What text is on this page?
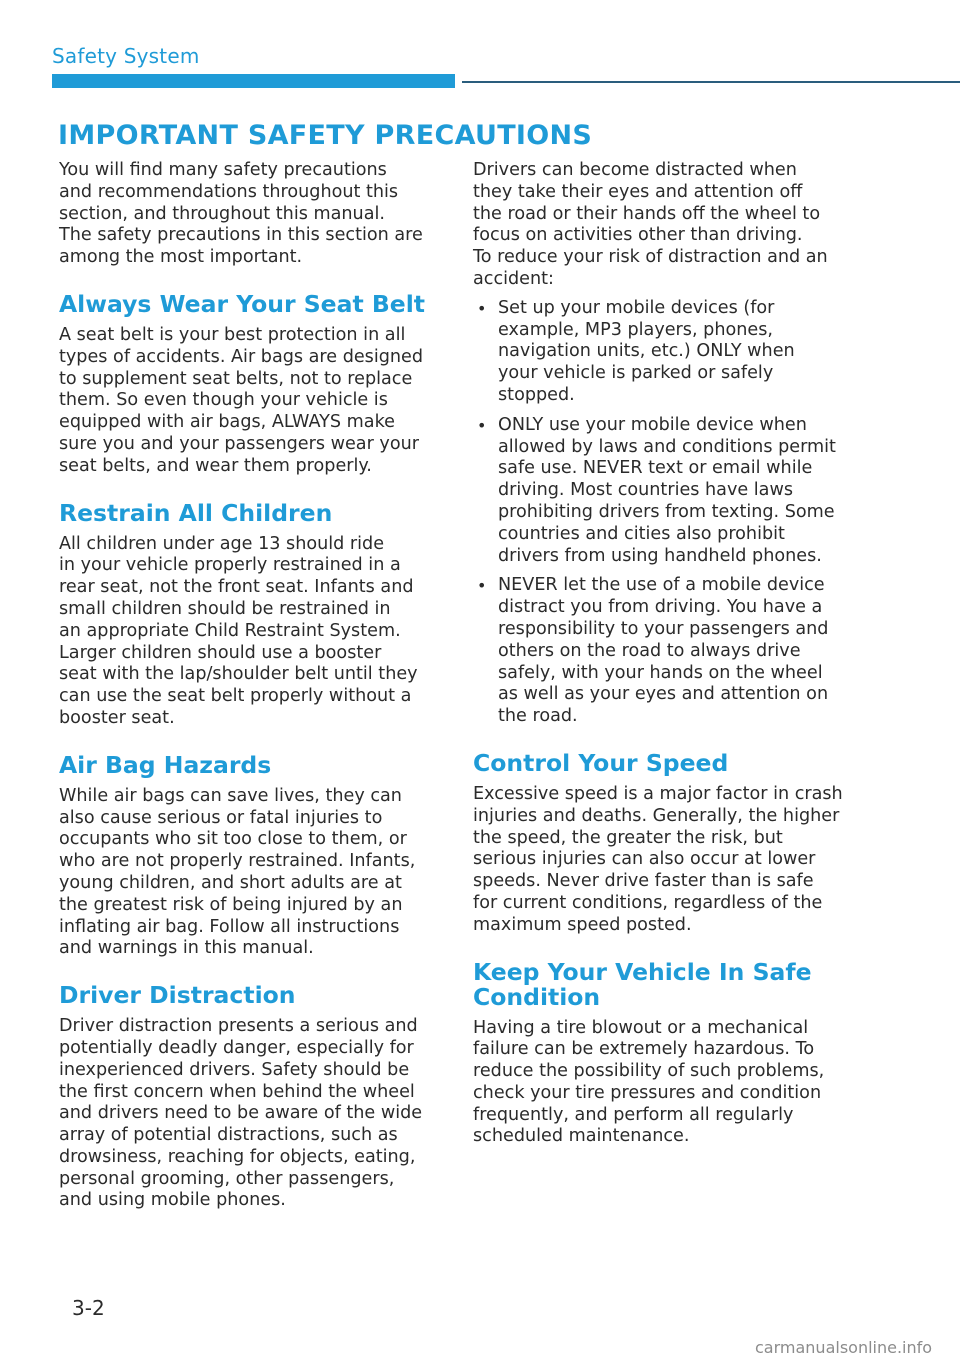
Safety System
IMPORTANT SAFETY PRECAUTIONS

You will find many safety precautions
and recommendations throughout this
section, and throughout this manual.
The safety precautions in this section are
among the most important.

Always Wear Your Seat Belt

A seat belt is your best protection in all
types of accidents. Air bags are designed
to supplement seat belts, not to replace
them. So even though your vehicle is
equipped with air bags, ALWAYS make
sure you and your passengers wear your
seat belts, and wear them properly.

Restrain All Children

All children under age 13 should ride
in your vehicle properly restrained in a
rear seat, not the front seat. Infants and
small children should be restrained in
an appropriate Child Restraint System.
Larger children should use a booster
seat with the lap/shoulder belt until they
can use the seat belt properly without a
booster seat.

Air Bag Hazards

While air bags can save lives, they can
also cause serious or fatal injuries to
occupants who sit too close to them, or
who are not properly restrained. Infants,
young children, and short adults are at
the greatest risk of being injured by an
inflating air bag. Follow all instructions
and warnings in this manual.

Driver Distraction

Driver distraction presents a serious and
potentially deadly danger, especially for
inexperienced drivers. Safety should be
the first concern when behind the wheel
and drivers need to be aware of the wide
array of potential distractions, such as
drowsiness, reaching for objects, eating,
personal grooming, other passengers,
and using mobile phones.

Drivers can become distracted when
they take their eyes and attention off
the road or their hands off the wheel to
focus on activities other than driving.
To reduce your risk of distraction and an
accident:

• Set up your mobile devices (for
example, MP3 players, phones,
navigation units, etc.) ONLY when
your vehicle is parked or safely
stopped.
• ONLY use your mobile device when
allowed by laws and conditions permit
safe use. NEVER text or email while
driving. Most countries have laws
prohibiting drivers from texting. Some
countries and cities also prohibit
drivers from using handheld phones.
• NEVER let the use of a mobile device
distract you from driving. You have a
responsibility to your passengers and
others on the road to always drive
safely, with your hands on the wheel
as well as your eyes and attention on
the road.
Control Your Speed

Excessive speed is a major factor in crash
injuries and deaths. Generally, the higher
the speed, the greater the risk, but
serious injuries can also occur at lower
speeds. Never drive faster than is safe
for current conditions, regardless of the
maximum speed posted.

Keep Your Vehicle In Safe
Condition

Having a tire blowout or a mechanical
failure can be extremely hazardous. To
reduce the possibility of such problems,
check your tire pressures and condition
frequently, and perform all regularly
scheduled maintenance.

3-2
carmanualsonline.info
